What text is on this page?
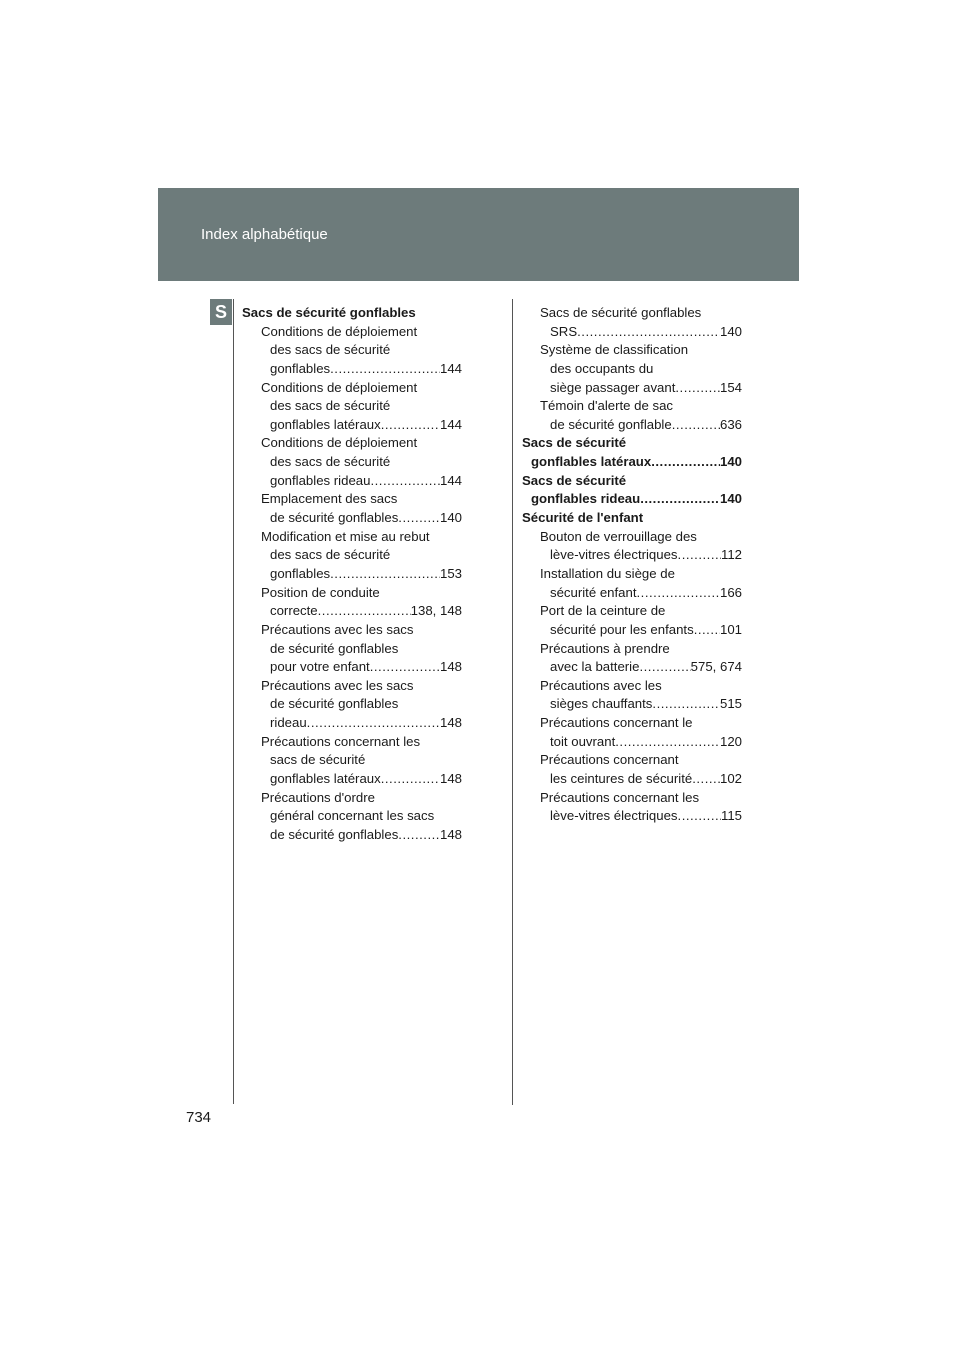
Index alphabétique
S	Sacs de sécurité gonflables
Conditions de déploiement
des sacs de sécurité
gonflables .....	144
Conditions de déploiement
des sacs de sécurité
gonflables latéraux .....	144
Conditions de déploiement
des sacs de sécurité
gonflables rideau .....	144
Emplacement des sacs
de sécurité gonflables .....	140
Modification et mise au rebut
des sacs de sécurité
gonflables .....	153
Position de conduite
correcte .....	138, 148
Précautions avec les sacs
de sécurité gonflables
pour votre enfant .....	148
Précautions avec les sacs
de sécurité gonflables
rideau .....	148
Précautions concernant les
sacs de sécurité
gonflables latéraux .....	148
Précautions d'ordre
général concernant les sacs
de sécurité gonflables .....	148
Sacs de sécurité gonflables
SRS .....	140
Système de classification
des occupants du
siège passager avant .....	154
Témoin d'alerte de sac
de sécurité gonflable .....	636
Sacs de sécurité
gonflables latéraux .....	140
Sacs de sécurité
gonflables rideau .....	140
Sécurité de l'enfant
Bouton de verrouillage des
lève-vitres électriques .....	112
Installation du siège de
sécurité enfant .....	166
Port de la ceinture de
sécurité pour les enfants ..... 101
Précautions à prendre
avec la batterie .....	575, 674
Précautions avec les
sièges chauffants .....	515
Précautions concernant le
toit ouvrant .....	120
Précautions concernant
les ceintures de sécurité ..... 102
Précautions concernant les
lève-vitres électriques .....	115
734
